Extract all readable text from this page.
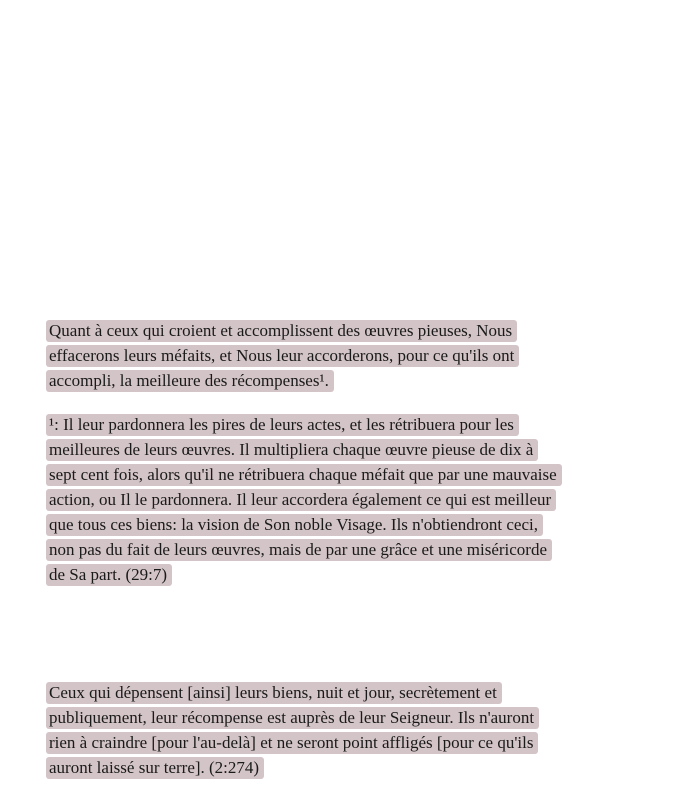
Quant à ceux qui croient et accomplissent des œuvres pieuses, Nous
effacerons leurs méfaits, et Nous leur accorderons, pour ce qu'ils ont
accompli, la meilleure des récompenses¹.
¹: Il leur pardonnera les pires de leurs actes, et les rétribuera pour les
meilleures de leurs œuvres. Il multipliera chaque œuvre pieuse de dix à
sept cent fois, alors qu'il ne rétribuera chaque méfait que par une mauvaise
action, ou Il le pardonnera. Il leur accordera également ce qui est meilleur
que tous ces biens: la vision de Son noble Visage. Ils n'obtiendront ceci,
non pas du fait de leurs œuvres, mais de par une grâce et une miséricorde
de Sa part. (29:7)
Ceux qui dépensent [ainsi] leurs biens, nuit et jour, secrètement et
publiquement, leur récompense est auprès de leur Seigneur. Ils n'auront
rien à craindre [pour l'au-delà] et ne seront point affligés [pour ce qu'ils
auront laissé sur terre]. (2:274)
